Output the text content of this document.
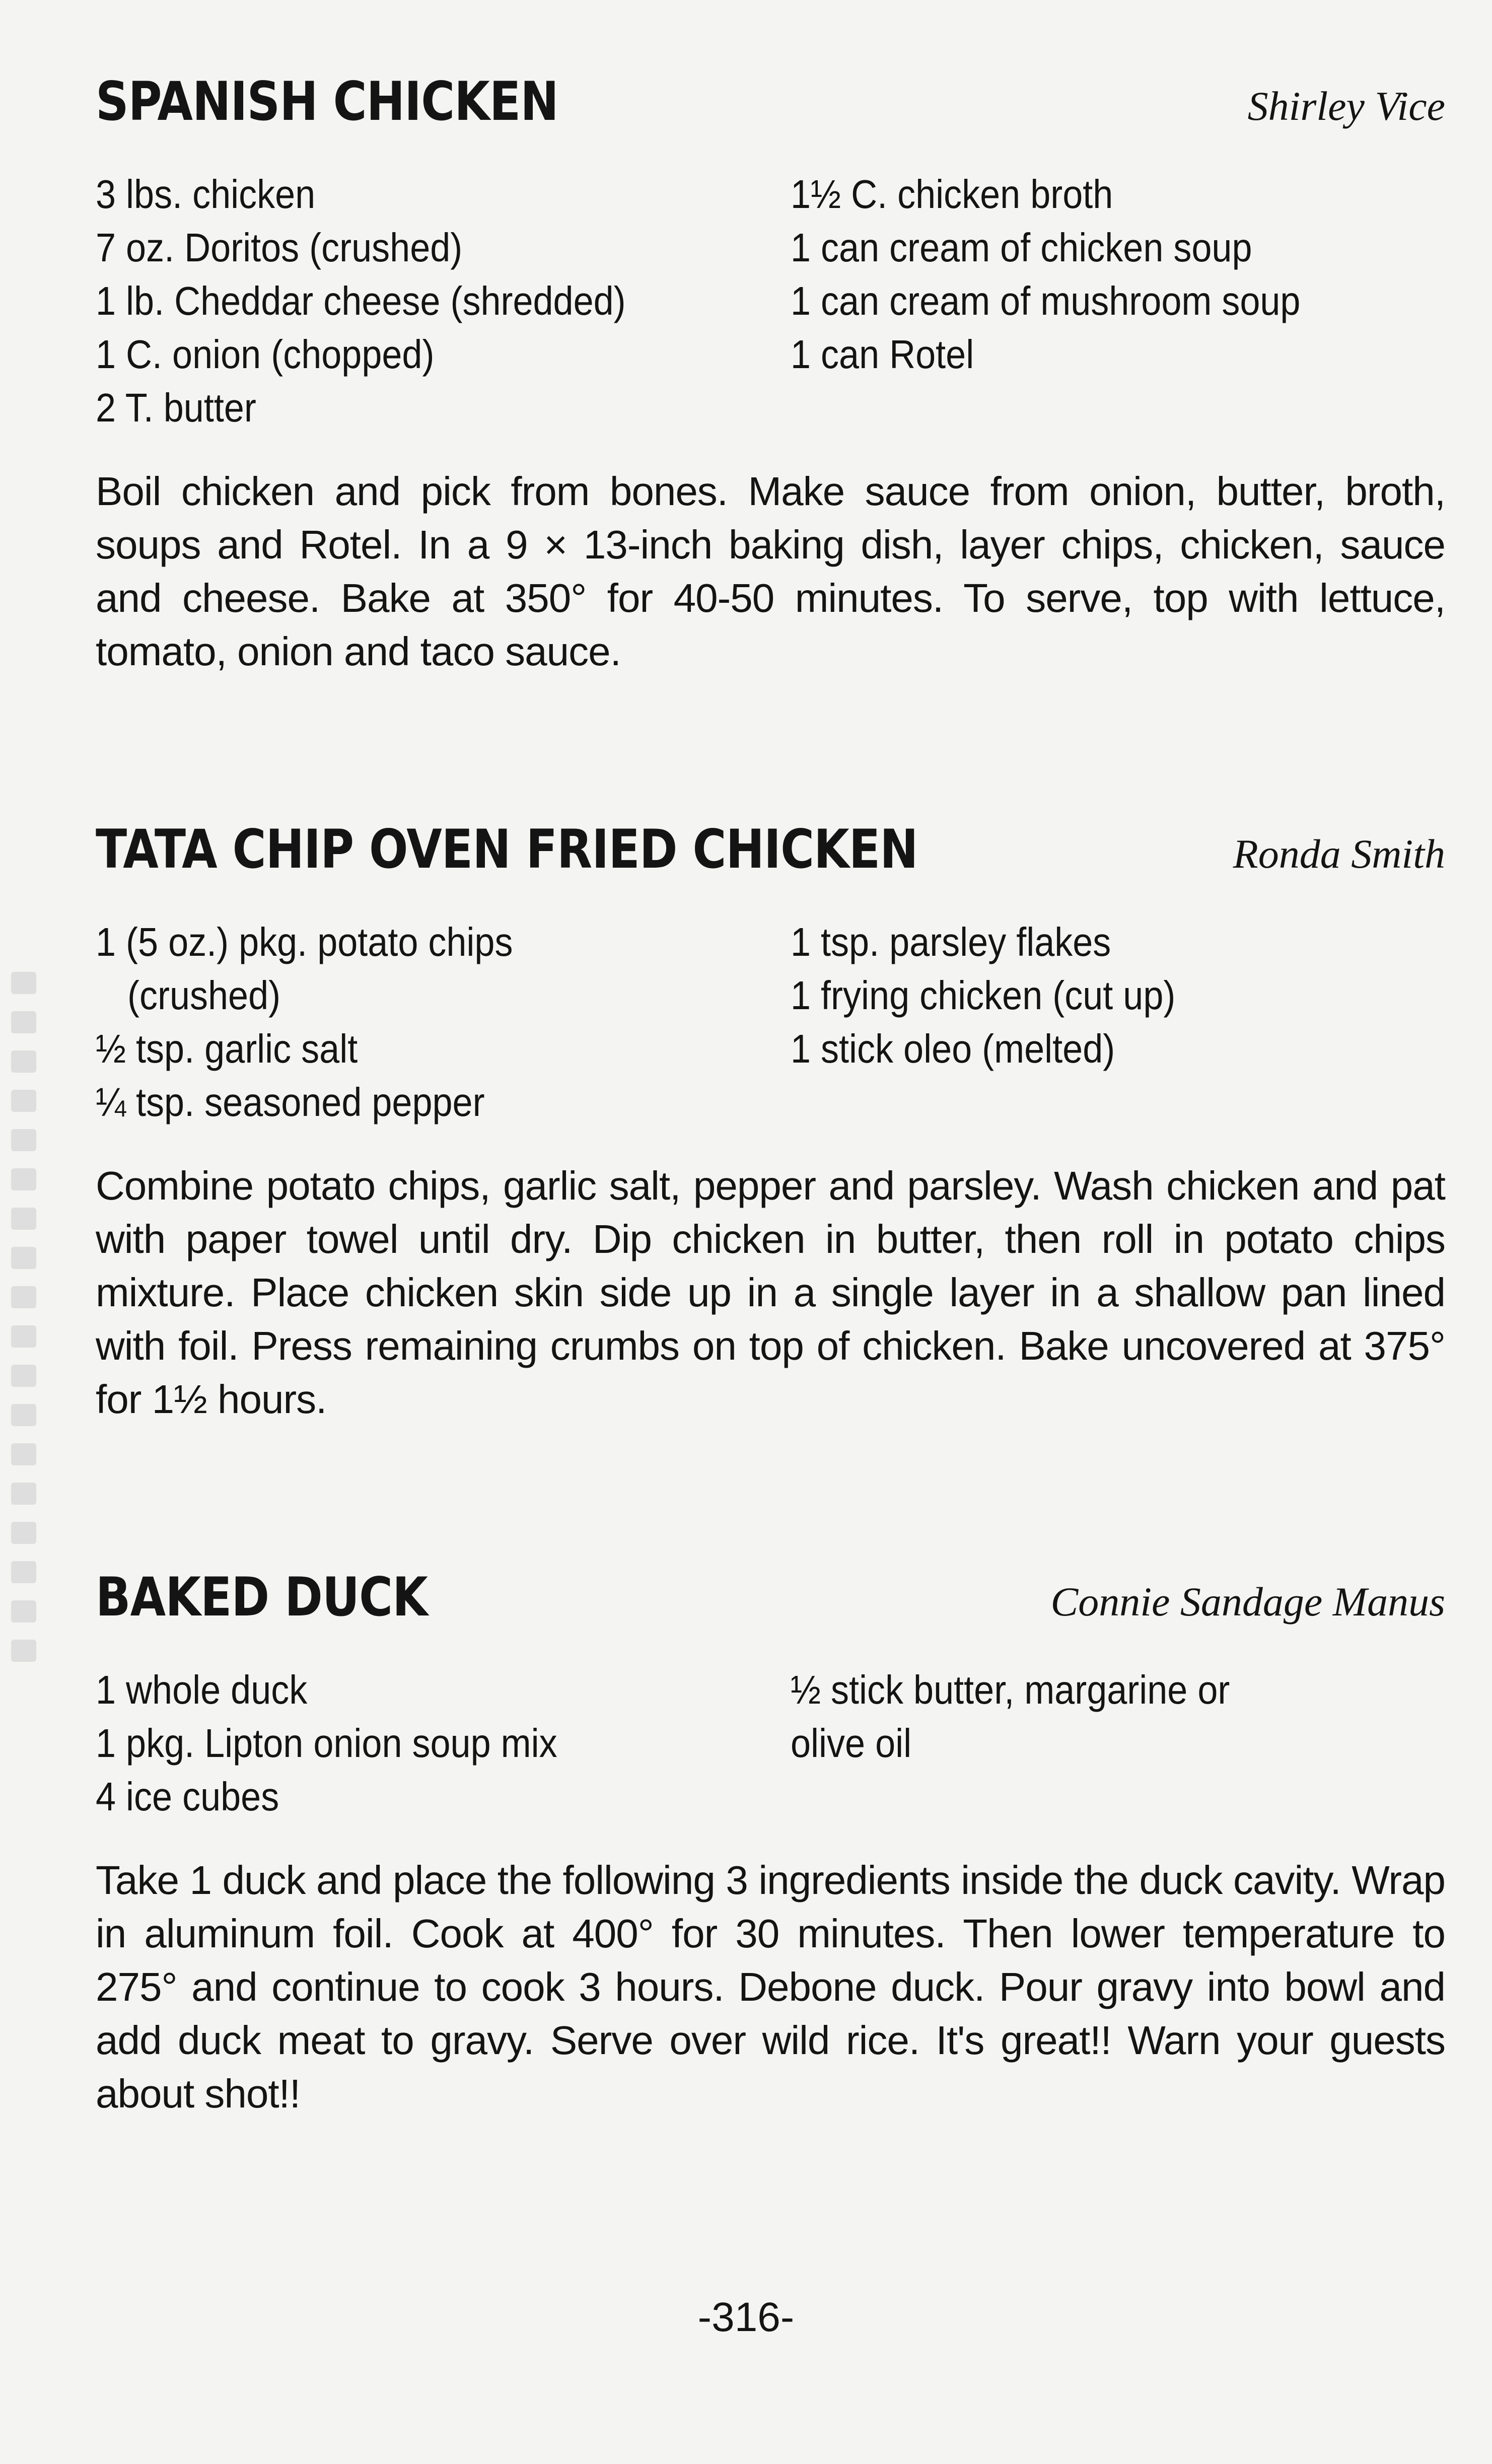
SPANISH CHICKEN	Shirley Vice
3 lbs. chicken
7 oz. Doritos (crushed)
1 lb. Cheddar cheese (shredded)
1 C. onion (chopped)
2 T. butter
1½ C. chicken broth
1 can cream of chicken soup
1 can cream of mushroom soup
1 can Rotel

Boil chicken and pick from bones. Make sauce from onion, butter, broth, soups and Rotel. In a 9 × 13-inch baking dish, layer chips, chicken, sauce and cheese. Bake at 350° for 40-50 minutes. To serve, top with lettuce, tomato, onion and taco sauce.

TATA CHIP OVEN FRIED CHICKEN	Ronda Smith
1 (5 oz.) pkg. potato chips
(crushed)
½ tsp. garlic salt
¼ tsp. seasoned pepper
1 tsp. parsley flakes
1 frying chicken (cut up)
1 stick oleo (melted)

Combine potato chips, garlic salt, pepper and parsley. Wash chicken and pat with paper towel until dry. Dip chicken in butter, then roll in potato chips mixture. Place chicken skin side up in a single layer in a shallow pan lined with foil. Press remaining crumbs on top of chicken. Bake uncovered at 375° for 1½ hours.

BAKED DUCK	Connie Sandage Manus
1 whole duck
1 pkg. Lipton onion soup mix
4 ice cubes
½ stick butter, margarine or
olive oil

Take 1 duck and place the following 3 ingredients inside the duck cavity. Wrap in aluminum foil. Cook at 400° for 30 minutes. Then lower temperature to 275° and continue to cook 3 hours. Debone duck. Pour gravy into bowl and add duck meat to gravy. Serve over wild rice. It's great!! Warn your guests about shot!!

-316-
